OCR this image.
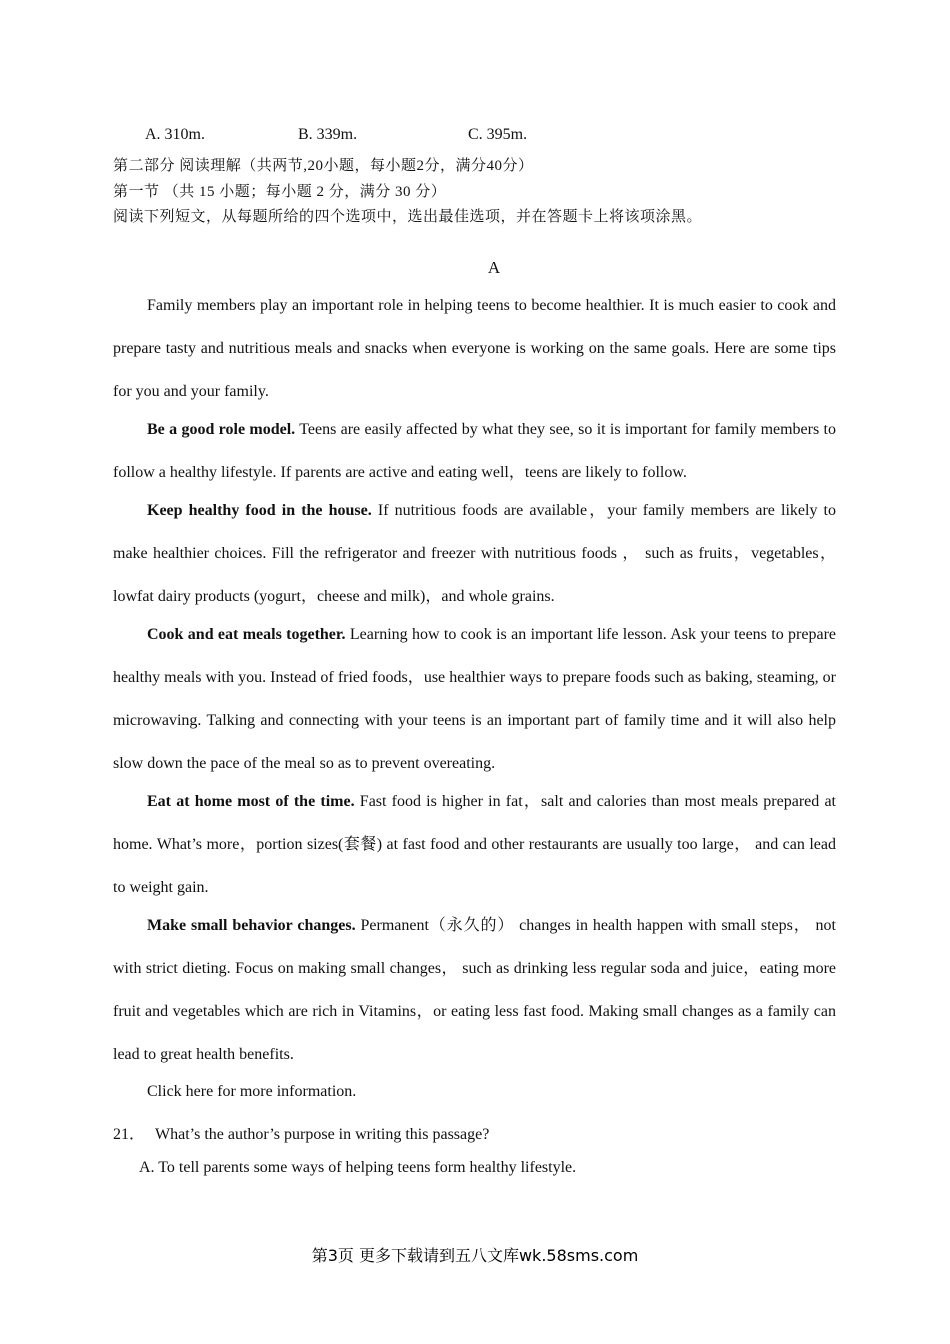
A. 310m.	B. 339m.	C. 395m.
第二部分 阅读理解（共两节,20小题，每小题2分，满分40分）
第一节 （共 15 小题；每小题 2 分，满分 30 分）
阅读下列短文，从每题所给的四个选项中，选出最佳选项，并在答题卡上将该项涂黑。
A

Family members play an important role in helping teens to become healthier. It is much easier to cook and prepare tasty and nutritious meals and snacks when everyone is working on the same goals. Here are some tips for you and your family.

Be a good role model. Teens are easily affected by what they see, so it is important for family members to follow a healthy lifestyle. If parents are active and eating well，teens are likely to follow.

Keep healthy food in the house. If nutritious foods are available，your family members are likely to make healthier choices. Fill the refrigerator and freezer with nutritious foods ， such as fruits，vegetables，lowfat dairy products (yogurt，cheese and milk)，and whole grains.

Cook and eat meals together. Learning how to cook is an important life lesson. Ask your teens to prepare healthy meals with you. Instead of fried foods，use healthier ways to prepare foods such as baking, steaming, or microwaving. Talking and connecting with your teens is an important part of family time and it will also help slow down the pace of the meal so as to prevent overeating.

Eat at home most of the time. Fast food is higher in fat，salt and calories than most meals prepared at home. What’s more，portion sizes(套餐) at fast food and other restaurants are usually too large， and can lead to weight gain.

Make small behavior changes. Permanent（永久的） changes in health happen with small steps， not with strict dieting. Focus on making small changes， such as drinking less regular soda and juice，eating more fruit and vegetables which are rich in Vitamins，or eating less fast food. Making small changes as a family can lead to great health benefits.

Click here for more information.
21． What’s the author’s purpose in writing this passage?
A. To tell parents some ways of helping teens form healthy lifestyle.
第3页 更多下载请到五八文库wk.58sms.com
